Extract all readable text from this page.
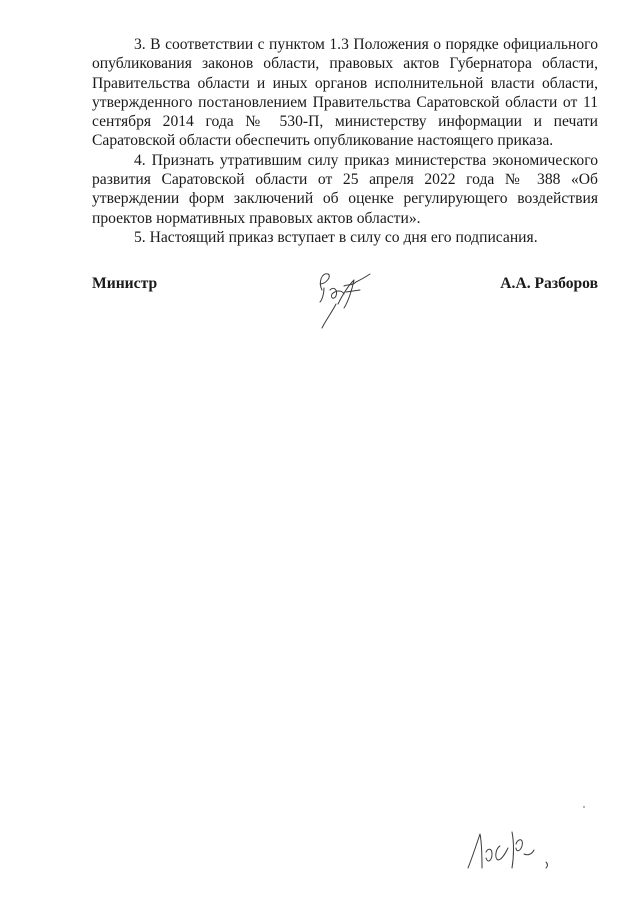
3. В соответствии с пунктом 1.3 Положения о порядке официального опубликования законов области, правовых актов Губернатора области, Правительства области и иных органов исполнительной власти области, утвержденного постановлением Правительства Саратовской области от 11 сентября 2014 года № 530-П, министерству информации и печати Саратовской области обеспечить опубликование настоящего приказа.

4. Признать утратившим силу приказ министерства экономического развития Саратовской области от 25 апреля 2022 года № 388 «Об утверждении форм заключений об оценке регулирующего воздействия проектов нормативных правовых актов области».

5. Настоящий приказ вступает в силу со дня его подписания.

Министр	А.А. Разборов
